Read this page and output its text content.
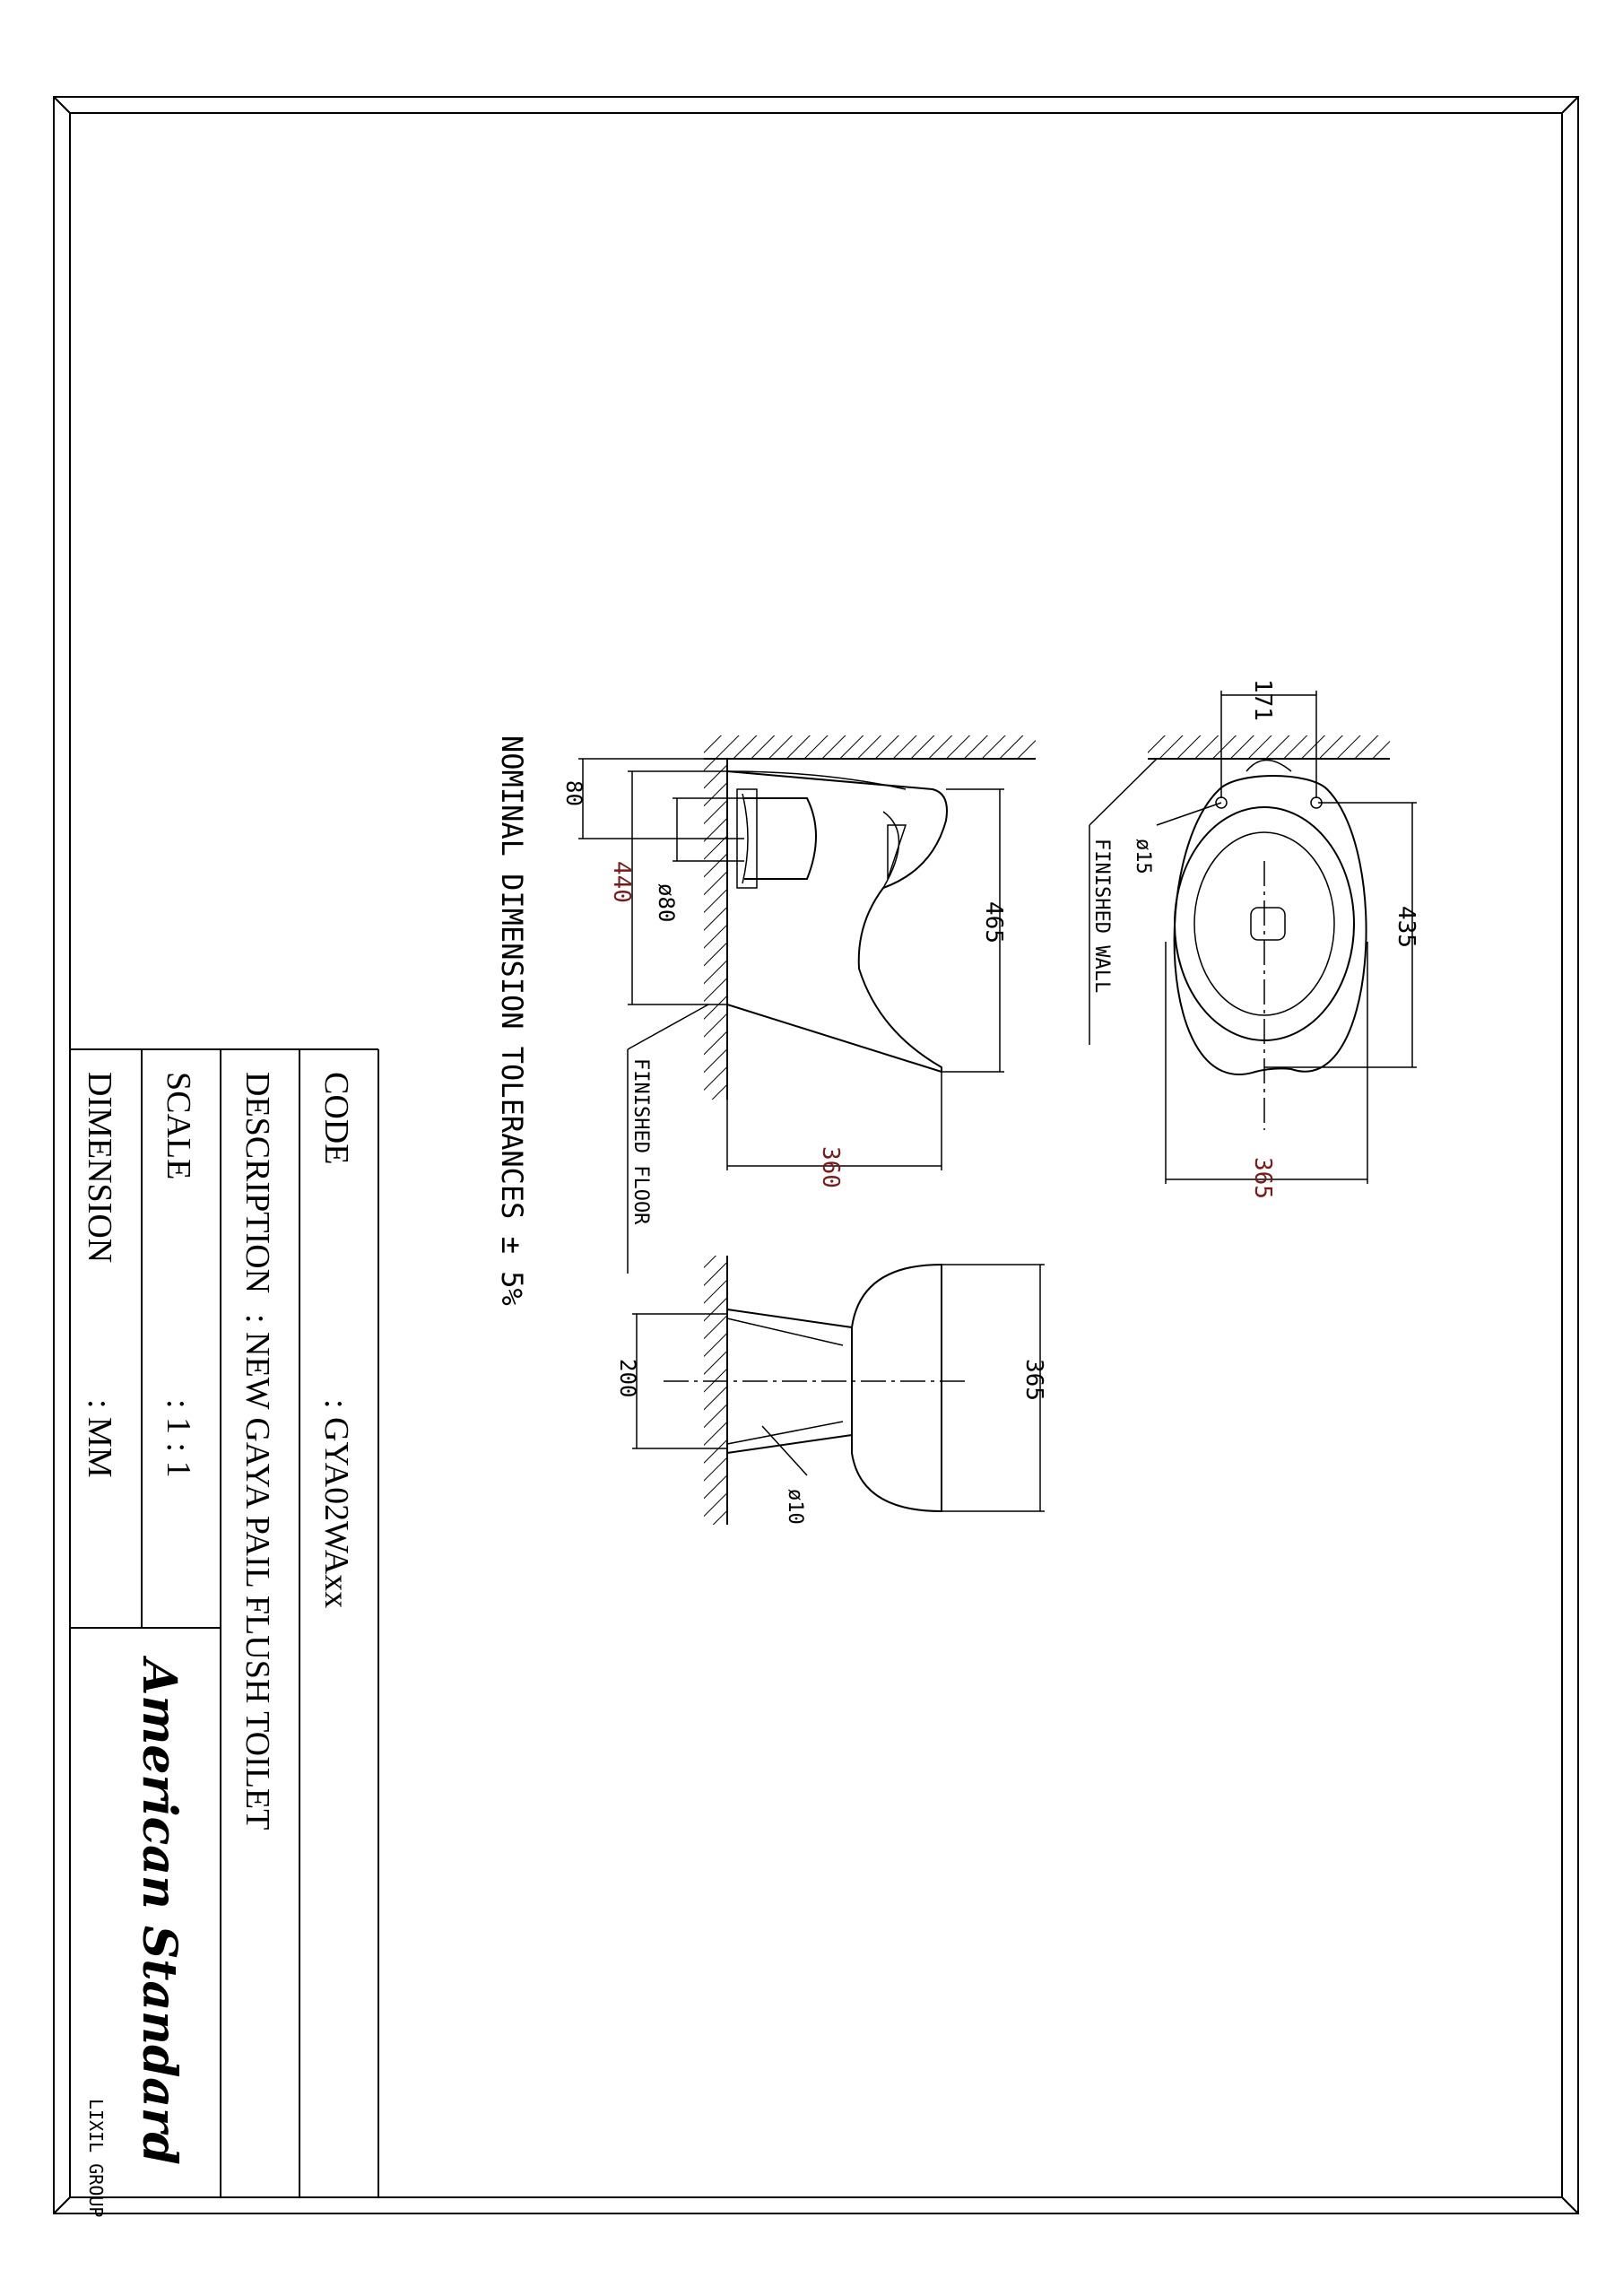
CODE
: GYA02WAxx
DESCRIPTION
: NEW GAYA PAIL FLUSH TOILET
SCALE
: 1 : 1
DIMENSION
: MM
American Standard
LIXIL GROUP
NOMINAL DIMENSION TOLERANCES ± 5%
171
435
365
ø15
FINISHED WALL
465
360
440
80
ø80
FINISHED FLOOR
365
200
ø10
